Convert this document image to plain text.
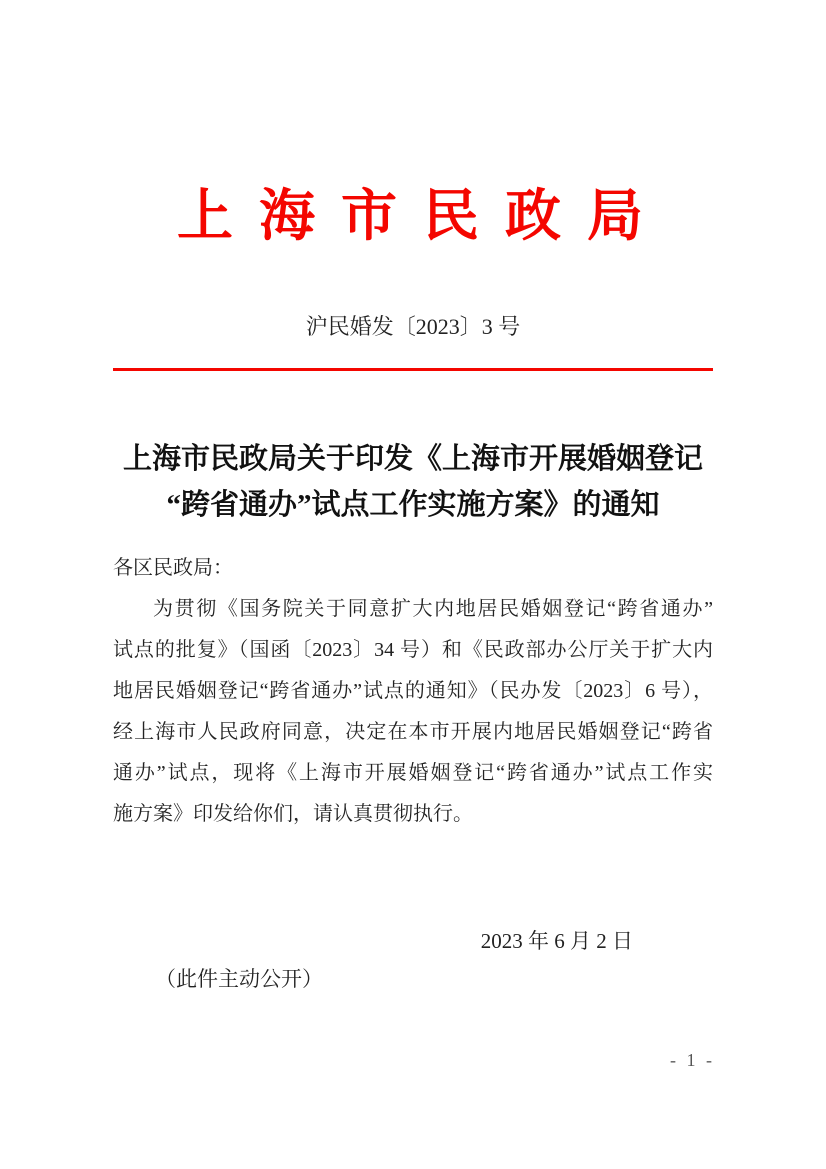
上 海 市 民 政 局
沪民婚发〔2023〕3 号
上海市民政局关于印发《上海市开展婚姻登记
“跨省通办”试点工作实施方案》的通知
各区民政局：
为贯彻《国务院关于同意扩大内地居民婚姻登记“跨省通办”
试点的批复》（国函〔2023〕34 号）和《民政部办公厅关于扩大内
地居民婚姻登记“跨省通办”试点的通知》（民办发〔2023〕6 号），
经上海市人民政府同意，决定在本市开展内地居民婚姻登记“跨省
通办”试点，现将《上海市开展婚姻登记“跨省通办”试点工作实
施方案》印发给你们，请认真贯彻执行。
2023 年 6 月 2 日
（此件主动公开）
- 1 -
